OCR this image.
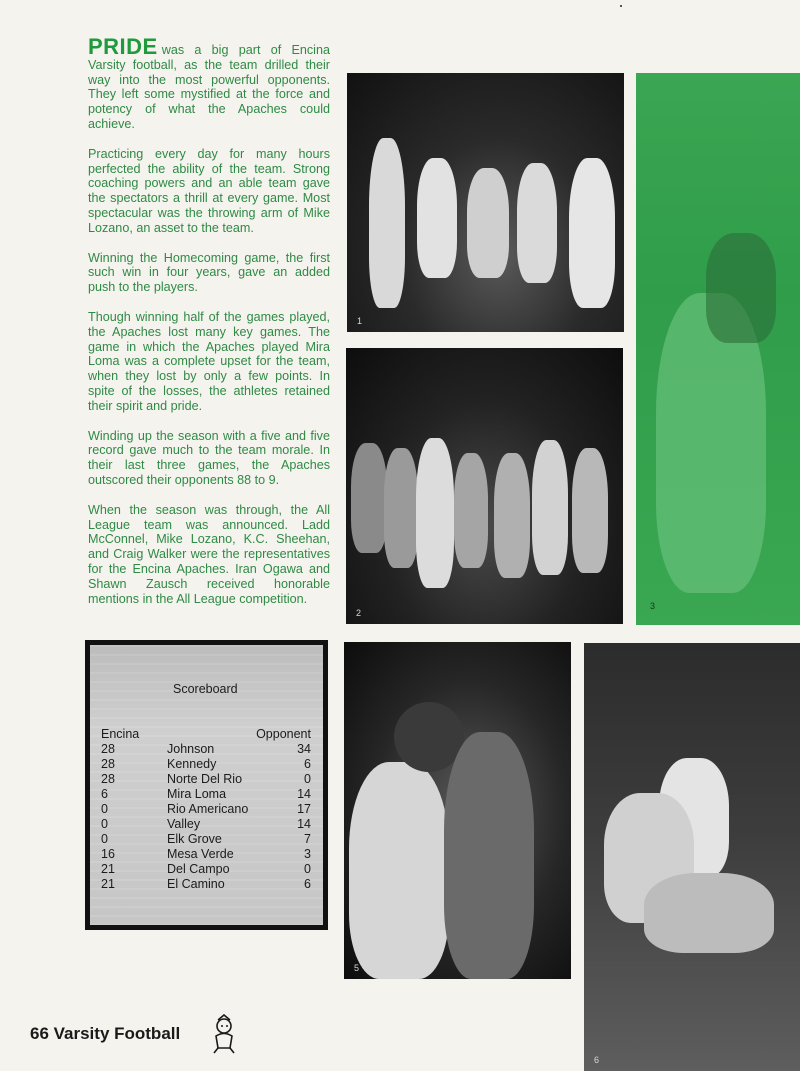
PRIDE was a big part of Encina Varsity football, as the team drilled their way into the most powerful opponents. They left some mystified at the force and potency of what the Apaches could achieve.

Practicing every day for many hours perfected the ability of the team. Strong coaching powers and an able team gave the spectators a thrill at every game. Most spectacular was the throwing arm of Mike Lozano, an asset to the team.

Winning the Homecoming game, the first such win in four years, gave an added push to the players.

Though winning half of the games played, the Apaches lost many key games. The game in which the Apaches played Mira Loma was a complete upset for the team, when they lost by only a few points. In spite of the losses, the athletes retained their spirit and pride.

Winding up the season with a five and five record gave much to the team morale. In their last three games, the Apaches outscored their opponents 88 to 9.

When the season was through, the All League team was announced. Ladd McConnel, Mike Lozano, K.C. Sheehan, and Craig Walker were the representatives for the Encina Apaches. Iran Ogawa and Shawn Zausch received honorable mentions in the All League competition.

1
2
3
Scoreboard
Encina	Opponent
28	Johnson	34
28	Kennedy	6
28	Norte Del Rio	0
6	Mira Loma	14
0	Rio Americano	17
0	Valley	14
0	Elk Grove	7
16	Mesa Verde	3
21	Del Campo	0
21	El Camino	6
5
6
66 Varsity Football
